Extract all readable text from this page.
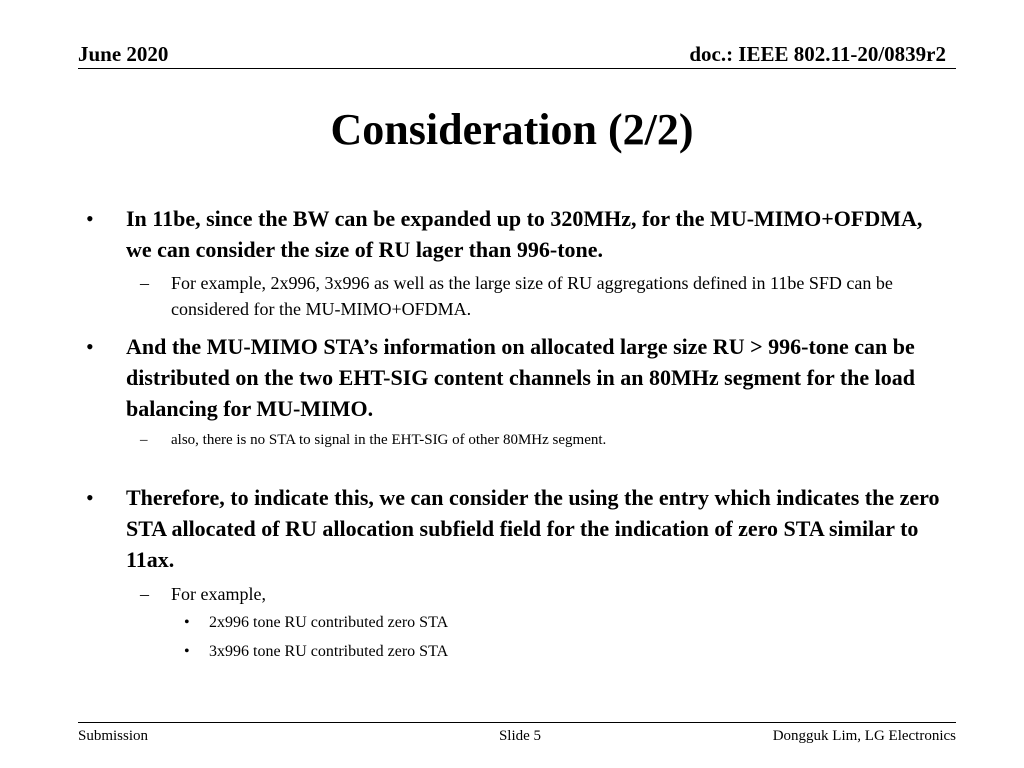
June 2020	doc.: IEEE 802.11-20/0839r2
Consideration (2/2)
• In 11be, since the BW can be expanded up to 320MHz, for the MU-MIMO+OFDMA, we can consider the size of RU lager than 996-tone.
– For example, 2x996, 3x996 as well as the large size of RU aggregations defined in 11be SFD can be considered for the MU-MIMO+OFDMA.
• And the MU-MIMO STA’s information on allocated large size RU > 996-tone can be distributed on the two EHT-SIG content channels in an 80MHz segment for the load balancing for MU-MIMO.
– also, there is no STA to signal in the EHT-SIG of other 80MHz segment.
• Therefore, to indicate this, we can consider the using the entry which indicates the zero STA allocated of RU allocation subfield field for the indication of zero STA similar to 11ax.
– For example,
• 2x996 tone RU contributed zero STA
• 3x996 tone RU contributed zero STA
Submission	Slide 5	Dongguk Lim, LG Electronics
